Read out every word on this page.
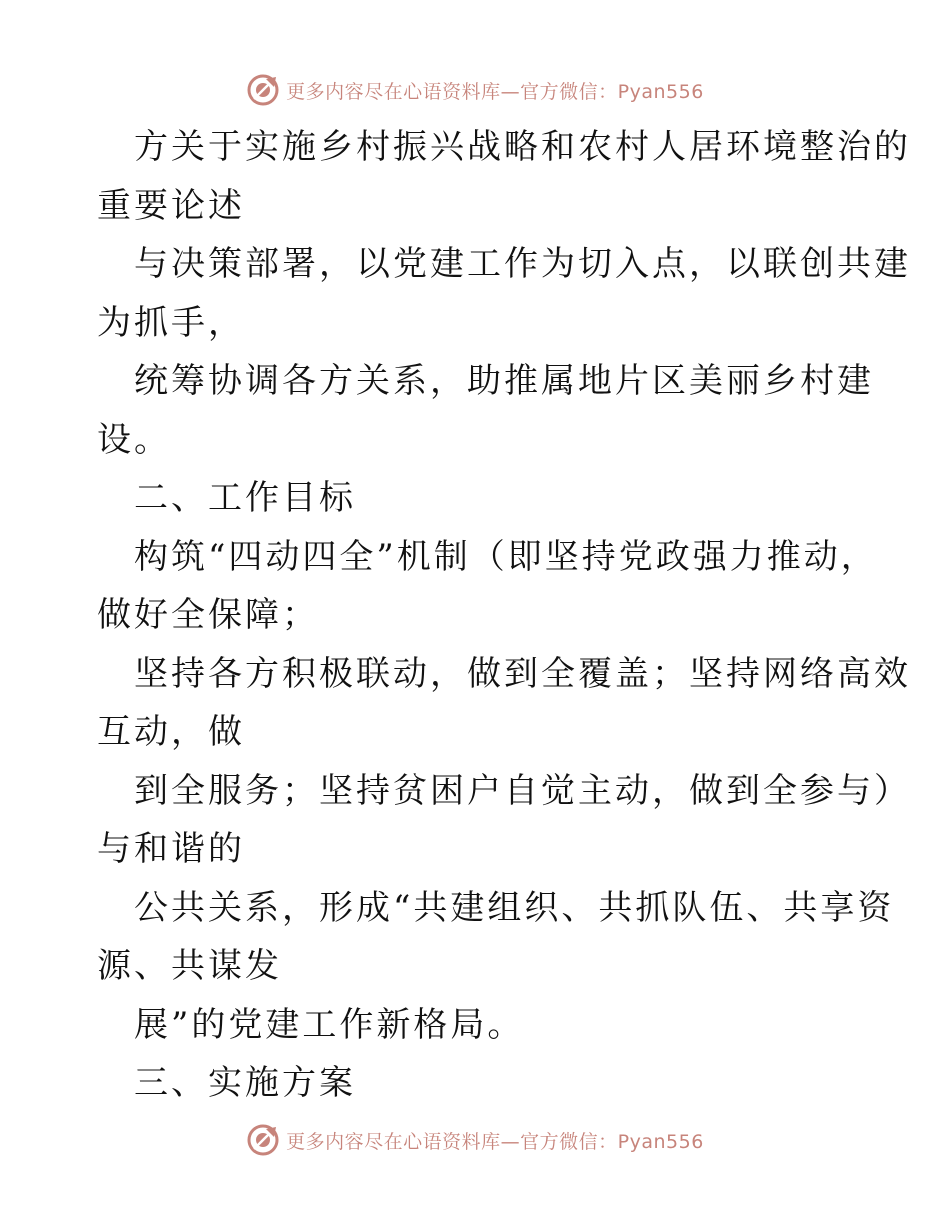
更多内容尽在心语资料库—官方微信：Pyan556
方关于实施乡村振兴战略和农村人居环境整治的
重要论述
与决策部署，以党建工作为切入点，以联创共建
为抓手，
统筹协调各方关系，助推属地片区美丽乡村建
设。
二、工作目标
构筑“四动四全”机制（即坚持党政强力推动，
做好全保障；
坚持各方积极联动，做到全覆盖；坚持网络高效
互动，做
到全服务；坚持贫困户自觉主动，做到全参与）
与和谐的
公共关系，形成“共建组织、共抓队伍、共享资
源、共谋发
展”的党建工作新格局。
三、实施方案
更多内容尽在心语资料库—官方微信：Pyan556
